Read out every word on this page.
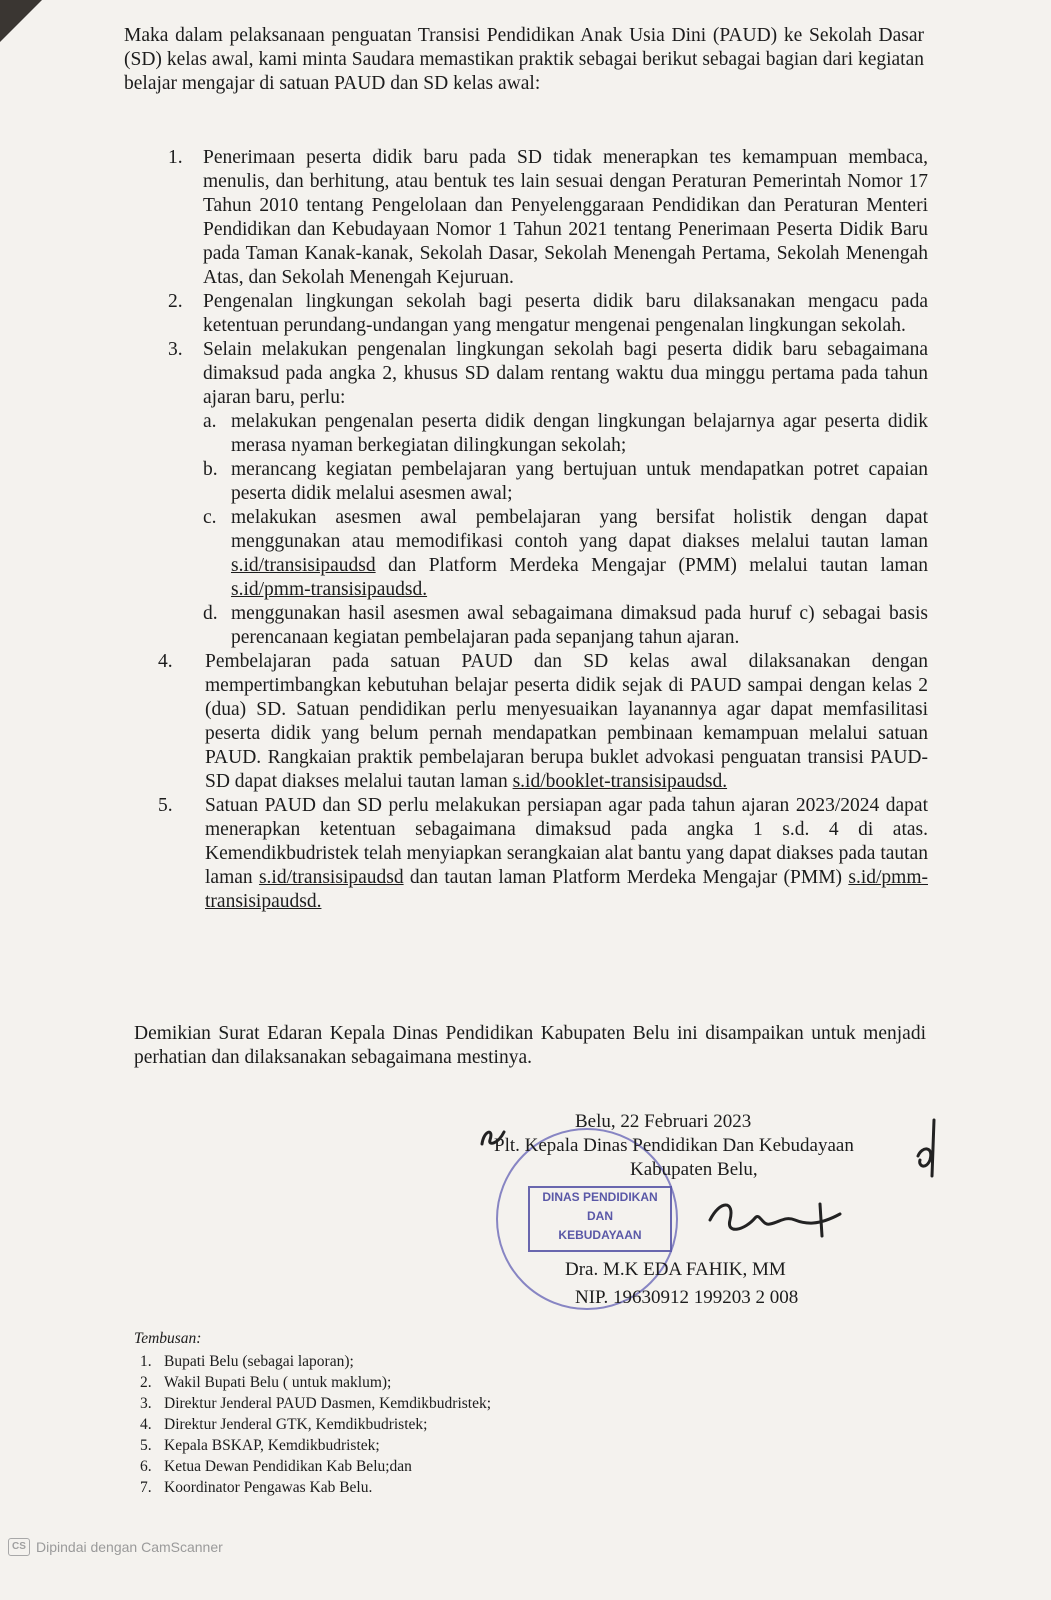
Maka dalam pelaksanaan penguatan Transisi Pendidikan Anak Usia Dini (PAUD) ke Sekolah Dasar (SD) kelas awal, kami minta Saudara memastikan praktik sebagai berikut sebagai bagian dari kegiatan belajar mengajar di satuan PAUD dan SD kelas awal:

1.	Penerimaan peserta didik baru pada SD tidak menerapkan tes kemampuan membaca, menulis, dan berhitung, atau bentuk tes lain sesuai dengan Peraturan Pemerintah Nomor 17 Tahun 2010 tentang Pengelolaan dan Penyelenggaraan Pendidikan dan Peraturan Menteri Pendidikan dan Kebudayaan Nomor 1 Tahun 2021 tentang Penerimaan Peserta Didik Baru pada Taman Kanak-kanak, Sekolah Dasar, Sekolah Menengah Pertama, Sekolah Menengah Atas, dan Sekolah Menengah Kejuruan.
2.	Pengenalan lingkungan sekolah bagi peserta didik baru dilaksanakan mengacu pada ketentuan perundang-undangan yang mengatur mengenai pengenalan lingkungan sekolah.
3.	Selain melakukan pengenalan lingkungan sekolah bagi peserta didik baru sebagaimana dimaksud pada angka 2, khusus SD dalam rentang waktu dua minggu pertama pada tahun ajaran baru, perlu:
a. melakukan pengenalan peserta didik dengan lingkungan belajarnya agar peserta didik merasa nyaman berkegiatan dilingkungan sekolah;
b. merancang kegiatan pembelajaran yang bertujuan untuk mendapatkan potret capaian peserta didik melalui asesmen awal;
c. melakukan asesmen awal pembelajaran yang bersifat holistik dengan dapat menggunakan atau memodifikasi contoh yang dapat diakses melalui tautan laman s.id/transisipaudsd dan Platform Merdeka Mengajar (PMM) melalui tautan laman s.id/pmm-transisipaudsd.
d. menggunakan hasil asesmen awal sebagaimana dimaksud pada huruf c) sebagai basis perencanaan kegiatan pembelajaran pada sepanjang tahun ajaran.
4.	Pembelajaran pada satuan PAUD dan SD kelas awal dilaksanakan dengan mempertimbangkan kebutuhan belajar peserta didik sejak di PAUD sampai dengan kelas 2 (dua) SD. Satuan pendidikan perlu menyesuaikan layanannya agar dapat memfasilitasi peserta didik yang belum pernah mendapatkan pembinaan kemampuan melalui satuan PAUD. Rangkaian praktik pembelajaran berupa buklet advokasi penguatan transisi PAUD-SD dapat diakses melalui tautan laman s.id/booklet-transisipaudsd.
5.	Satuan PAUD dan SD perlu melakukan persiapan agar pada tahun ajaran 2023/2024 dapat menerapkan ketentuan sebagaimana dimaksud pada angka 1 s.d. 4 di atas. Kemendikbudristek telah menyiapkan serangkaian alat bantu yang dapat diakses pada tautan laman s.id/transisipaudsd dan tautan laman Platform Merdeka Mengajar (PMM) s.id/pmm-transisipaudsd.

Demikian Surat Edaran Kepala Dinas Pendidikan Kabupaten Belu ini disampaikan untuk menjadi perhatian dan dilaksanakan sebagaimana mestinya.

DINAS PENDIDIKAN
DAN
KEBUDAYAAN
Belu, 22 Februari 2023
Plt. Kepala Dinas Pendidikan Dan Kebudayaan
Kabupaten Belu,
Dra. M.K EDA FAHIK, MM
NIP. 19630912 199203 2 008
Tembusan:
1. Bupati Belu (sebagai laporan);
2. Wakil Bupati Belu ( untuk maklum);
3. Direktur Jenderal PAUD Dasmen, Kemdikbudristek;
4. Direktur Jenderal GTK, Kemdikbudristek;
5. Kepala BSKAP, Kemdikbudristek;
6. Ketua Dewan Pendidikan Kab Belu;dan
7. Koordinator Pengawas Kab Belu.
CS Dipindai dengan CamScanner
